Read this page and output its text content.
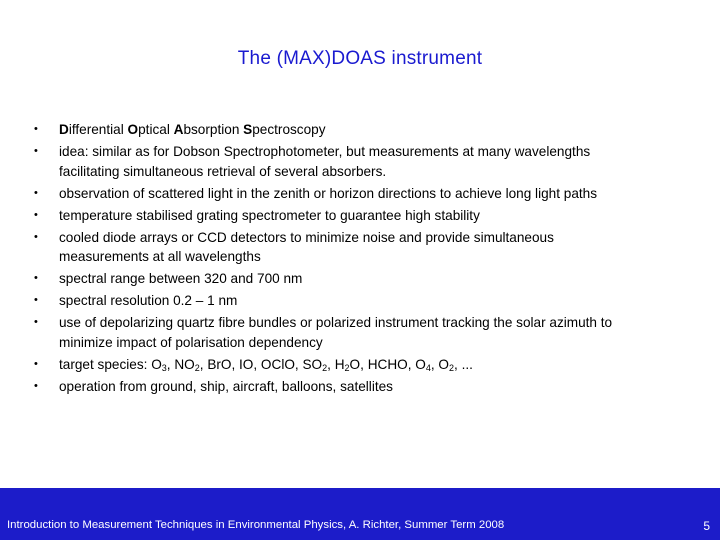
The (MAX)DOAS instrument
• Differential Optical Absorption Spectroscopy
• idea: similar as for Dobson Spectrophotometer, but measurements at many wavelengths facilitating simultaneous retrieval of several absorbers.
• observation of scattered light in the zenith or horizon directions to achieve long light paths
• temperature stabilised grating spectrometer to guarantee high stability
• cooled diode arrays or CCD detectors to minimize noise and provide simultaneous measurements at all wavelengths
• spectral range between 320 and 700 nm
• spectral resolution 0.2 – 1 nm
• use of depolarizing quartz fibre bundles or polarized instrument tracking the solar azimuth to minimize impact of polarisation dependency
• target species: $O_3$, $NO_2$, BrO, IO, OClO, $SO_2$, $H_2O$, HCHO, $O_4$, $O_2$, ...
• operation from ground, ship, aircraft, balloons, satellites
Introduction to Measurement Techniques in Environmental Physics, A. Richter, Summer Term 2008	5
